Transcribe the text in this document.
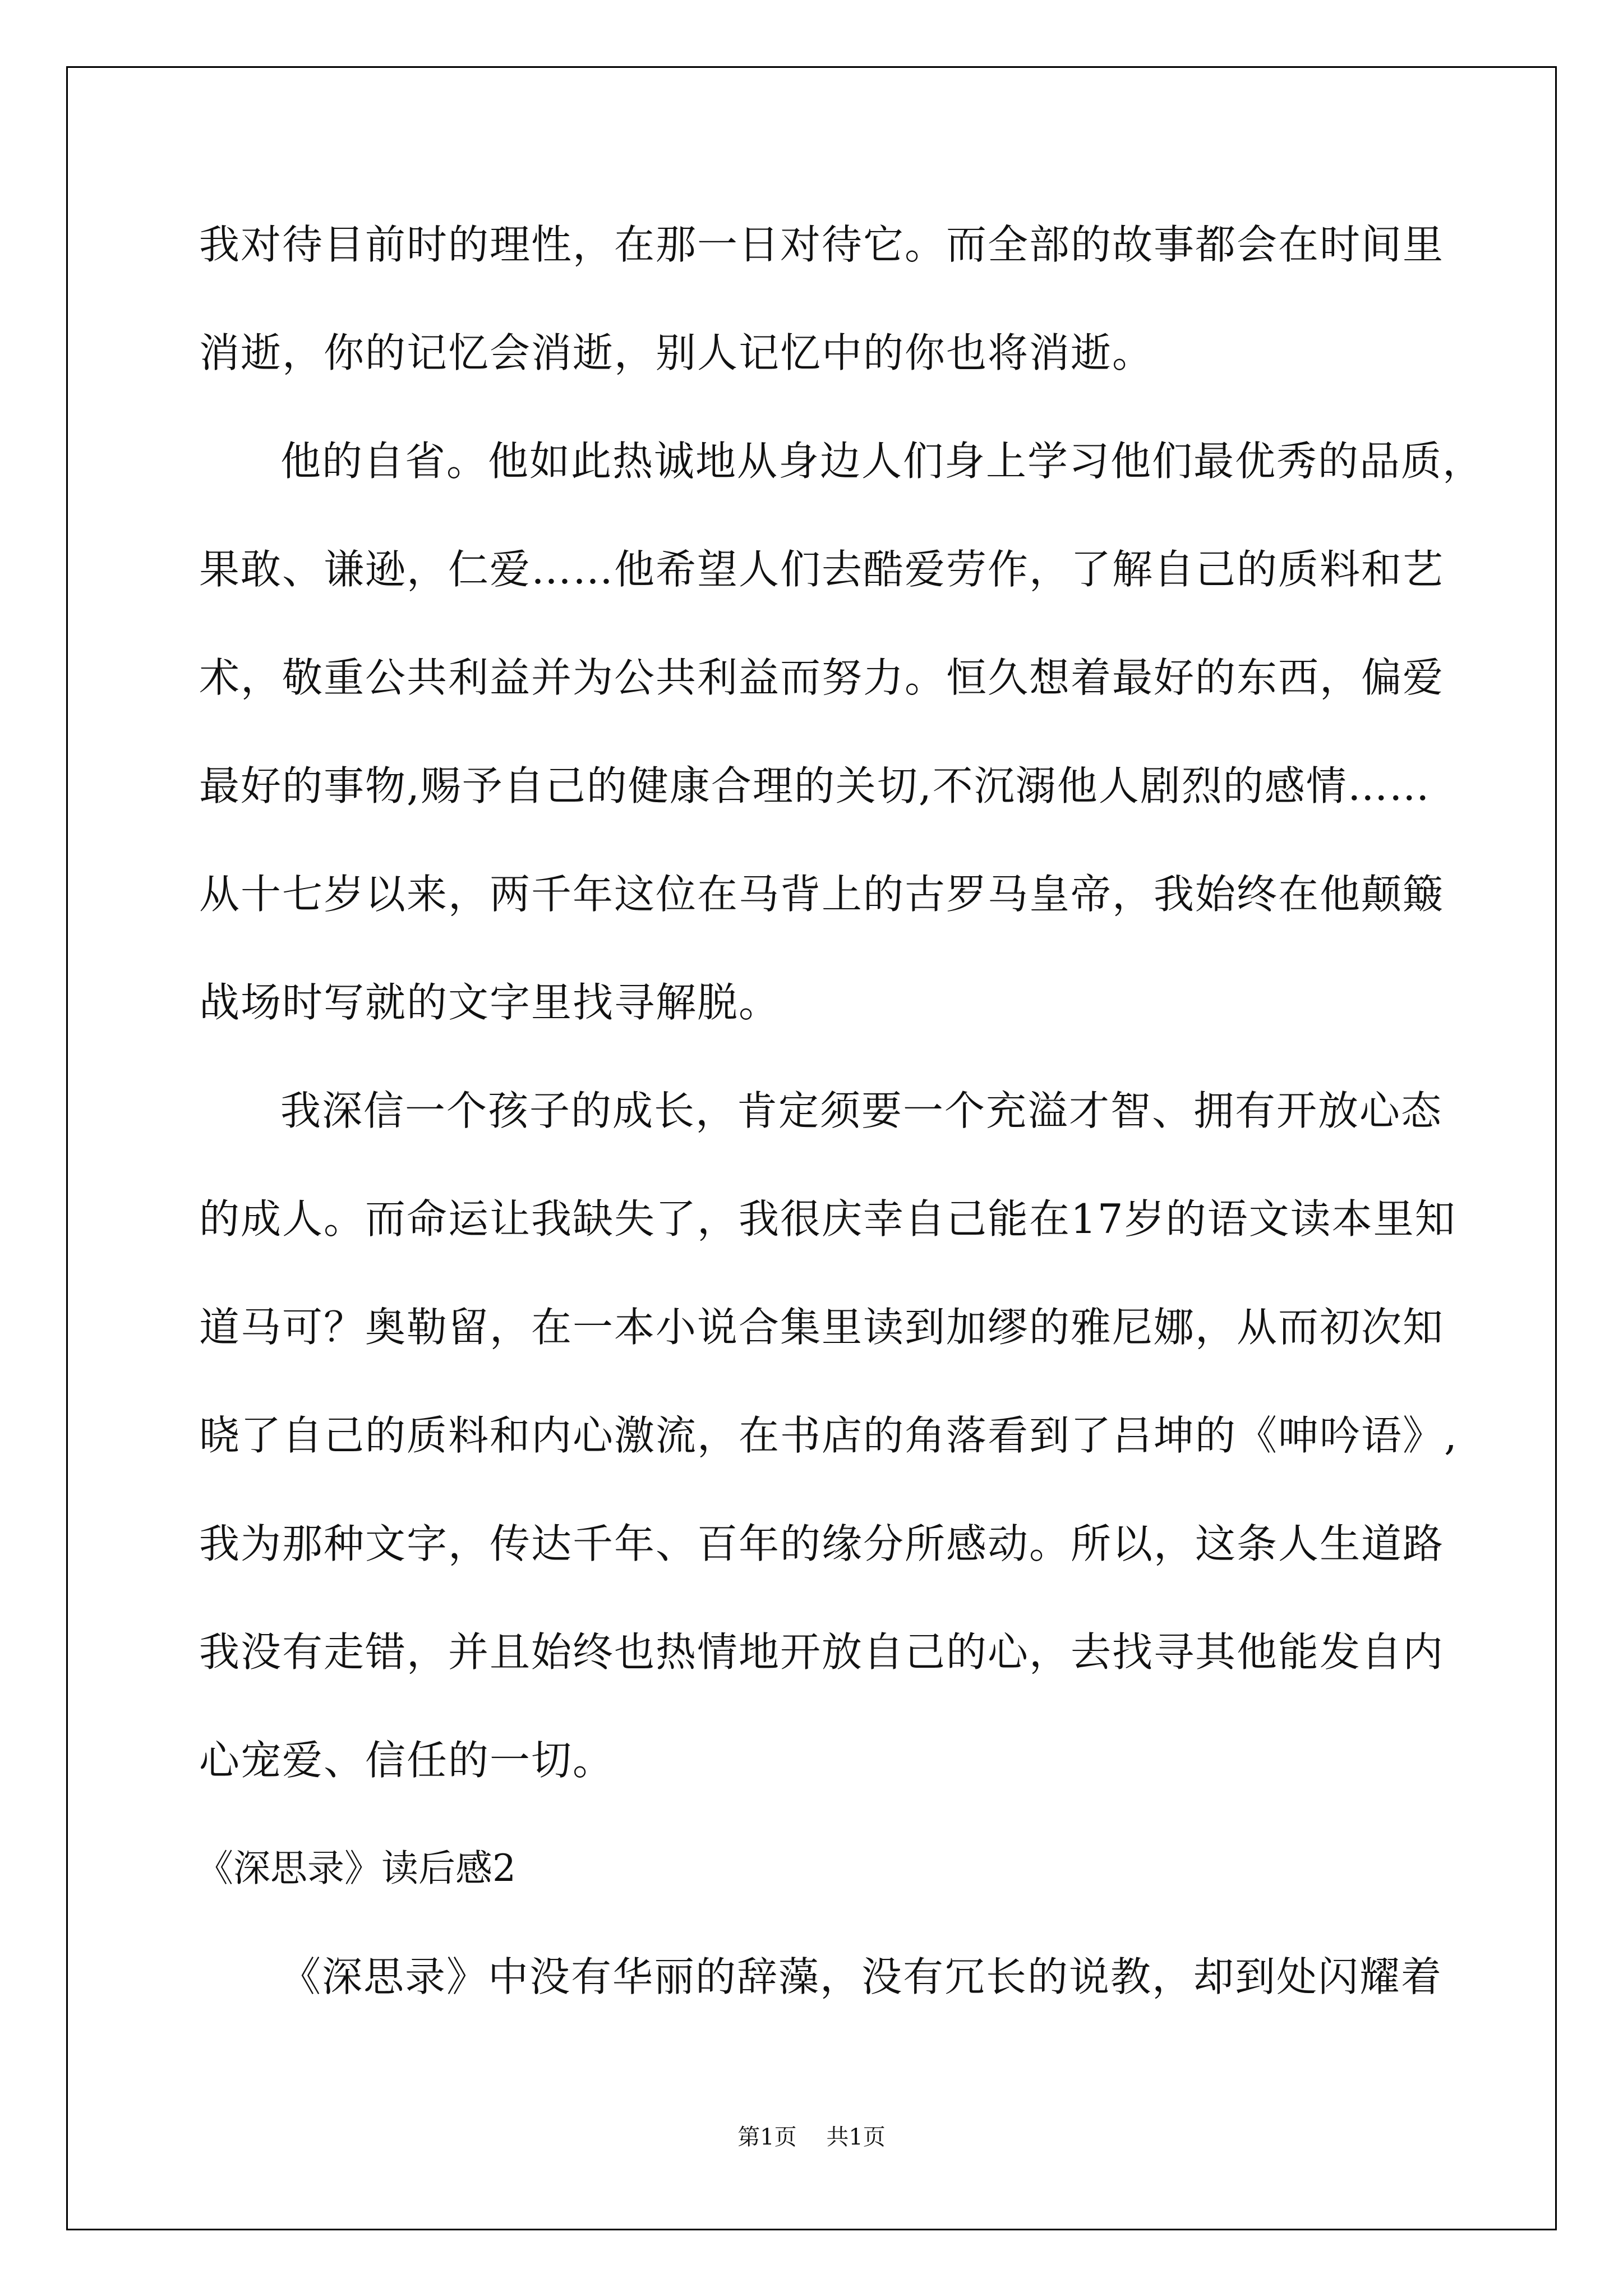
我对待目前时的理性，在那一日对待它。而全部的故事都会在时间里
消逝，你的记忆会消逝，别人记忆中的你也将消逝。
他的自省。他如此热诚地从身边人们身上学习他们最优秀的品质，
果敢、谦逊，仁爱……他希望人们去酷爱劳作，了解自己的质料和艺
术，敬重公共利益并为公共利益而努力。恒久想着最好的东西，偏爱
最好的事物,赐予自己的健康合理的关切,不沉溺他人剧烈的感情……
从十七岁以来，两千年这位在马背上的古罗马皇帝，我始终在他颠簸
战场时写就的文字里找寻解脱。
我深信一个孩子的成长，肯定须要一个充溢才智、拥有开放心态
的成人。而命运让我缺失了，我很庆幸自己能在17岁的语文读本里知
道马可？奥勒留，在一本小说合集里读到加缪的雅尼娜，从而初次知
晓了自己的质料和内心激流，在书店的角落看到了吕坤的《呻吟语》,
我为那种文字，传达千年、百年的缘分所感动。所以，这条人生道路
我没有走错，并且始终也热情地开放自己的心，去找寻其他能发自内
心宠爱、信任的一切。
《深思录》读后感2
《深思录》中没有华丽的辞藻，没有冗长的说教，却到处闪耀着
第1页 共1页
